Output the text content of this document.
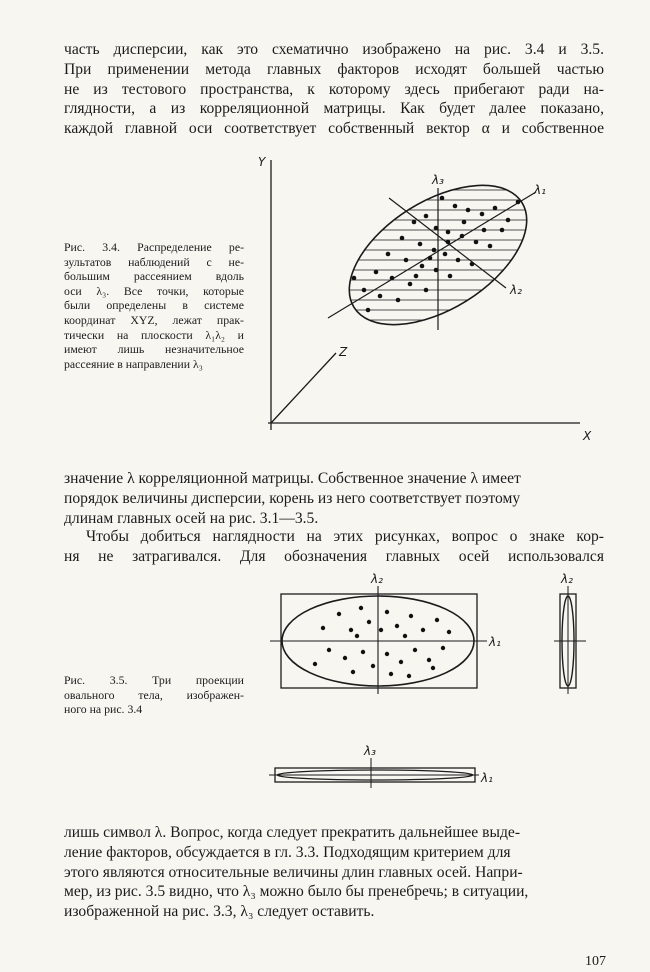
часть дисперсии, как это схематично изображено на рис. 3.4 и 3.5.
При применении метода главных факторов исходят большей частью
не из тестового пространства, к которому здесь прибегают ради на-
глядности, а из корреляционной матрицы. Как будет далее показано,
каждой главной оси соответствует собственный вектор α и собственное
Рис. 3.4. Распределение ре-
зультатов наблюдений с не-
большим рассеянием вдоль
оси λ₃. Все точки, которые
были определены в системе
координат XYZ, лежат прак-
тически на плоскости λ₁λ₂ и
имеют лишь незначительное
рассеяние в направлении λ₃
Y
X
Z
λ₁
λ₂
λ₃
значение λ корреляционной матрицы. Собственное значение λ имеет
порядок величины дисперсии, корень из него соответствует поэтому
длинам главных осей на рис. 3.1—3.5.
Чтобы добиться наглядности на этих рисунках, вопрос о знаке кор-
ня не затрагивался. Для обозначения главных осей использовался
Рис. 3.5. Три проекции
овального тела, изображен-
ного на рис. 3.4
λ₂
λ₁
λ₂
λ₃
λ₁
лишь символ λ. Вопрос, когда следует прекратить дальнейшее выде-
ление факторов, обсуждается в гл. 3.3. Подходящим критерием для
этого являются относительные величины длин главных осей. Напри-
мер, из рис. 3.5 видно, что λ₃ можно было бы пренебречь; в ситуации,
изображенной на рис. 3.3, λ₃ следует оставить.
107
